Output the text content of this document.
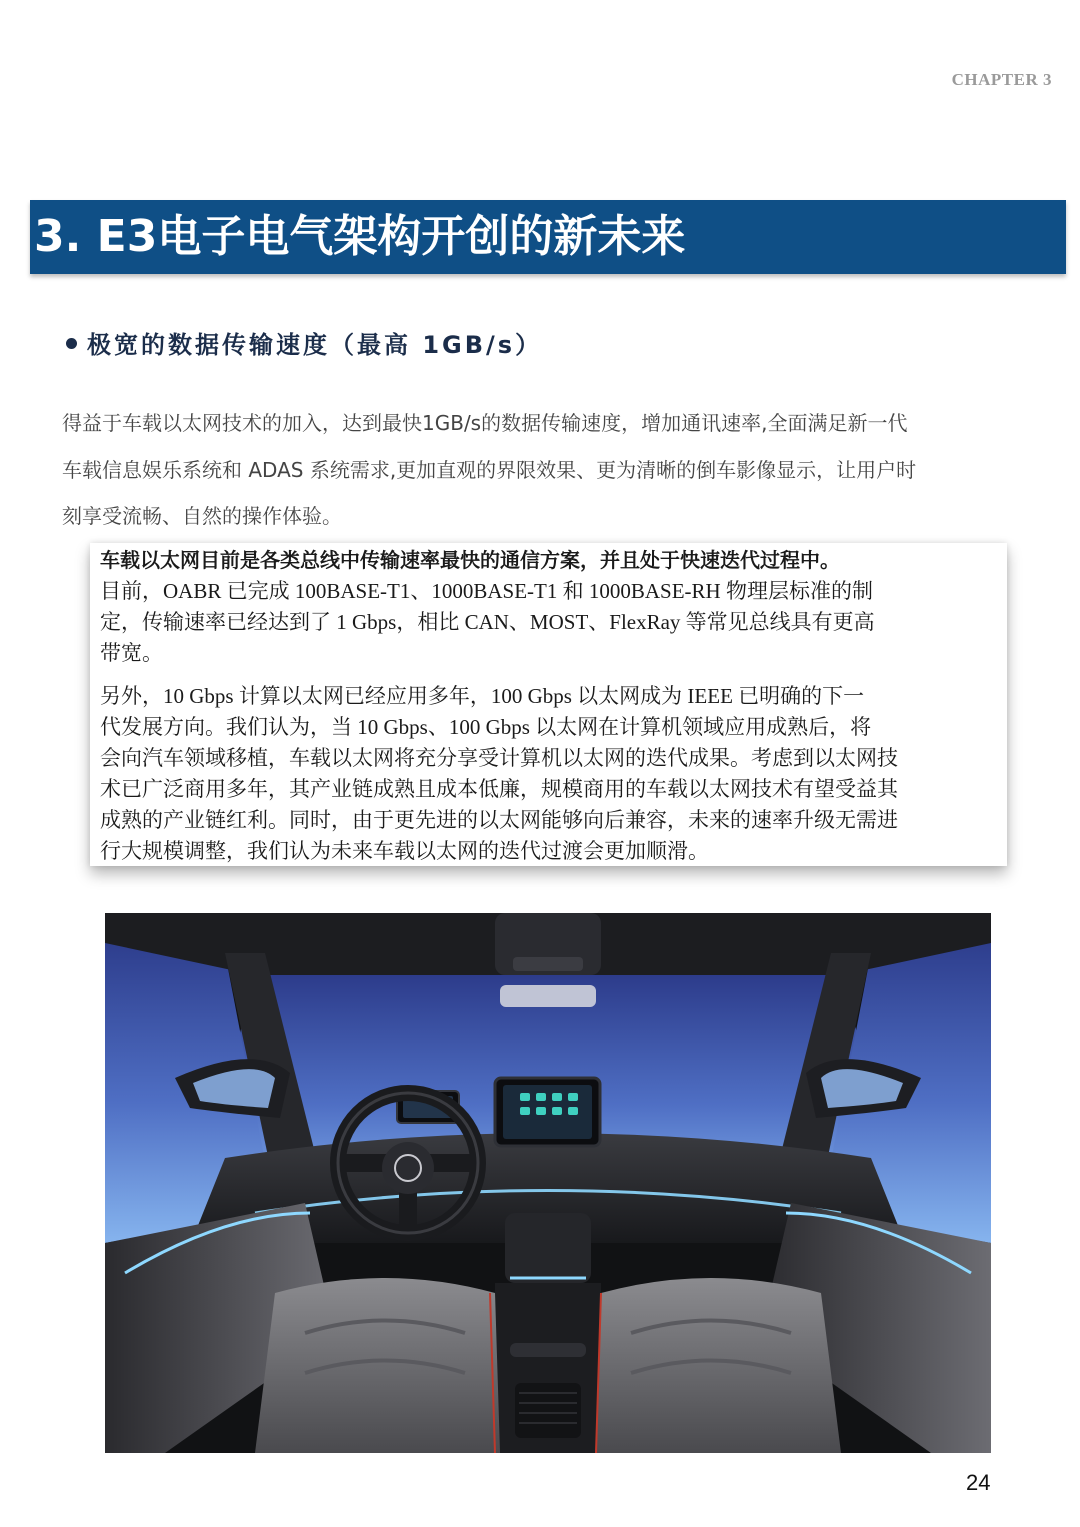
CHAPTER 3
3. E3电子电气架构开创的新未来
极宽的数据传输速度（最高 1GB/s）

得益于车载以太网技术的加入，达到最快1GB/s的数据传输速度，增加通讯速率,全面满足新一代

车载信息娱乐系统和 ADAS 系统需求,更加直观的界限效果、更为清晰的倒车影像显示，让用户时

刻享受流畅、自然的操作体验。

车载以太网目前是各类总线中传输速率最快的通信方案，并且处于快速迭代过程中。

目前，OABR 已完成 100BASE-T1、1000BASE-T1 和 1000BASE-RH 物理层标准的制

定，传输速率已经达到了 1 Gbps，相比 CAN、MOST、FlexRay 等常见总线具有更高

带宽。

另外，10 Gbps 计算以太网已经应用多年，100 Gbps 以太网成为 IEEE 已明确的下一

代发展方向。我们认为，当 10 Gbps、100 Gbps 以太网在计算机领域应用成熟后，将

会向汽车领域移植，车载以太网将充分享受计算机以太网的迭代成果。考虑到以太网技

术已广泛商用多年，其产业链成熟且成本低廉，规模商用的车载以太网技术有望受益其

成熟的产业链红利。同时，由于更先进的以太网能够向后兼容，未来的速率升级无需进

行大规模调整，我们认为未来车载以太网的迭代过渡会更加顺滑。

24
